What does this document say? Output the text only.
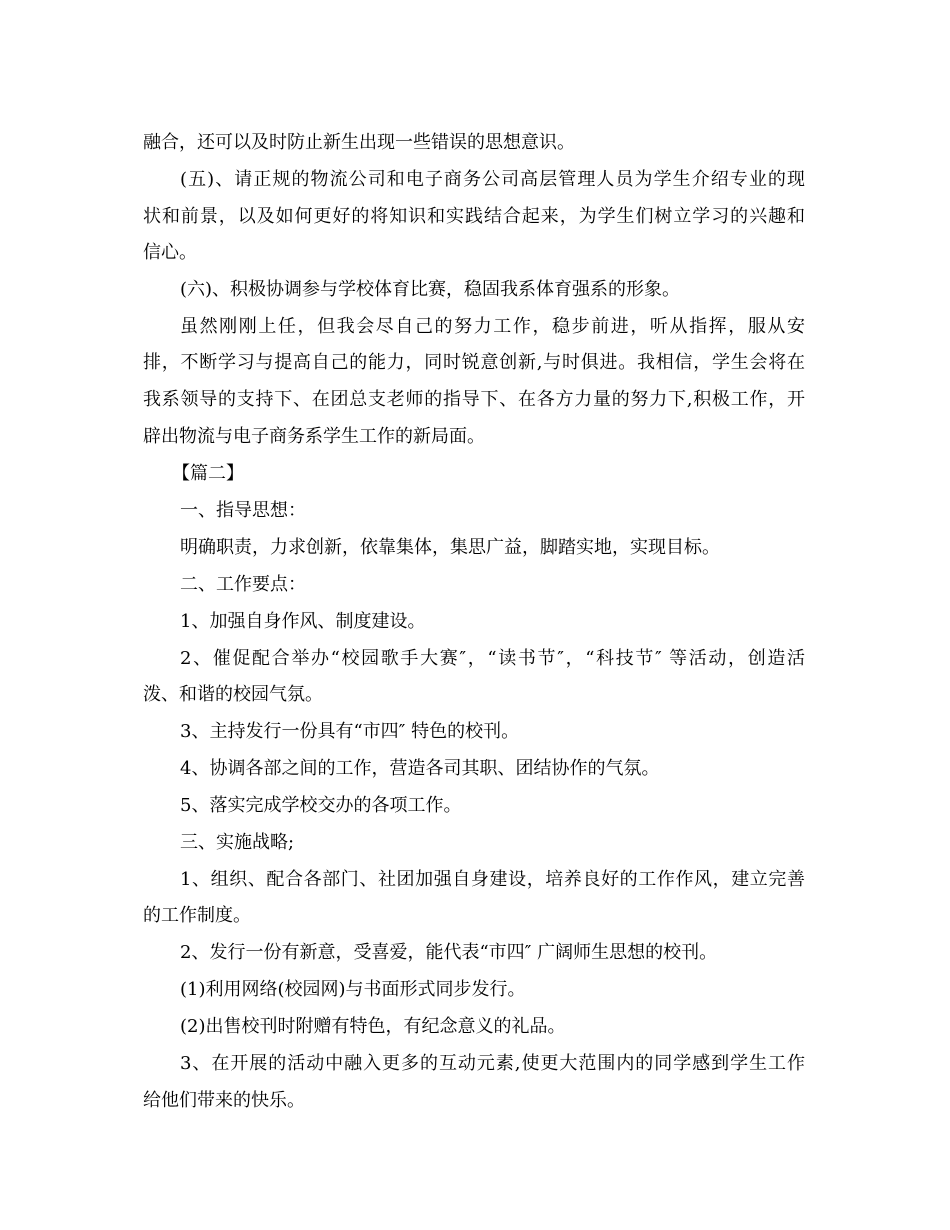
融合，还可以及时防止新生出现一些错误的思想意识。
(五)、请正规的物流公司和电子商务公司高层管理人员为学生介绍专业的现
状和前景，以及如何更好的将知识和实践结合起来，为学生们树立学习的兴趣和
信心。
(六)、积极协调参与学校体育比赛，稳固我系体育强系的形象。
虽然刚刚上任，但我会尽自己的努力工作，稳步前进，听从指挥，服从安
排，不断学习与提高自己的能力，同时锐意创新,与时俱进。我相信，学生会将在
我系领导的支持下、在团总支老师的指导下、在各方力量的努力下,积极工作，开
辟出物流与电子商务系学生工作的新局面。
【篇二】
一、指导思想：
明确职责，力求创新，依靠集体，集思广益，脚踏实地，实现目标。
二、工作要点：
1、加强自身作风、制度建设。
2、催促配合举办“校园歌手大赛″，“读书节″，“科技节″ 等活动，创造活
泼、和谐的校园气氛。
3、主持发行一份具有“市四″ 特色的校刊。
4、协调各部之间的工作，营造各司其职、团结协作的气氛。
5、落实完成学校交办的各项工作。
三、实施战略;
1、组织、配合各部门、社团加强自身建设，培养良好的工作作风，建立完善
的工作制度。
2、发行一份有新意，受喜爱，能代表“市四″ 广阔师生思想的校刊。
(1)利用网络(校园网)与书面形式同步发行。
(2)出售校刊时附赠有特色，有纪念意义的礼品。
3、在开展的活动中融入更多的互动元素,使更大范围内的同学感到学生工作
给他们带来的快乐。
